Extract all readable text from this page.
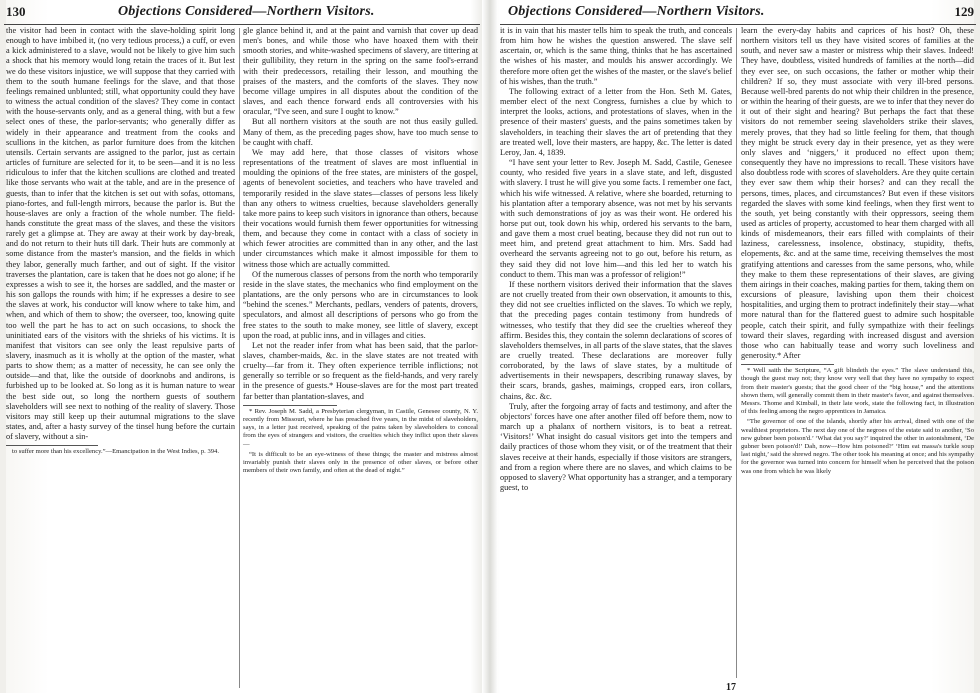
130	Objections Considered—Northern Visitors.

the visitor had been in contact with the slave-holding spirit long enough to have imbibed it, (no very tedious process,) a cuff, or even a kick administered to a slave, would not be likely to give him such a shock that his memory would long retain the traces of it. But lest we do these visitors injustice, we will suppose that they carried with them to the south humane feelings for the slave, and that those feelings remained unblunted; still, what opportunity could they have to witness the actual condition of the slaves? They come in contact with the house-servants only, and as a general thing, with but a few select ones of these, the parlor-servants; who generally differ as widely in their appearance and treatment from the cooks and scullions in the kitchen, as parlor furniture does from the kitchen utensils. Certain servants are assigned to the parlor, just as certain articles of furniture are selected for it, to be seen—and it is no less ridiculous to infer that the kitchen scullions are clothed and treated like those servants who wait at the table, and are in the presence of guests, than to infer that the kitchen is set out with sofas, ottomans, piano-fortes, and full-length mirrors, because the parlor is. But the house-slaves are only a fraction of the whole number. The field-hands constitute the great mass of the slaves, and these the visitors rarely get a glimpse at. They are away at their work by day-break, and do not return to their huts till dark. Their huts are commonly at some distance from the master's mansion, and the fields in which they labor, generally much farther, and out of sight. If the visitor traverses the plantation, care is taken that he does not go alone; if he expresses a wish to see it, the horses are saddled, and the master or his son gallops the rounds with him; if he expresses a desire to see the slaves at work, his conductor will know where to take him, and when, and which of them to show; the overseer, too, knowing quite too well the part he has to act on such occasions, to shock the uninitiated ears of the visitors with the shrieks of his victims. It is manifest that visitors can see only the least repulsive parts of slavery, inasmuch as it is wholly at the option of the master, what parts to show them; as a matter of necessity, he can see only the outside—and that, like the outside of doorknobs and andirons, is furbished up to be looked at. So long as it is human nature to wear the best side out, so long the northern guests of southern slaveholders will see next to nothing of the reality of slavery. Those visitors may still keep up their autumnal migrations to the slave states, and, after a hasty survey of the tinsel hung before the curtain of slavery, without a sin-

to suffer more than his excellency.”—Emancipation in the West Indies, p. 394.

gle glance behind it, and at the paint and varnish that cover up dead men's bones, and while those who have hoaxed them with their smooth stories, and white-washed specimens of slavery, are tittering at their gullibility, they return in the spring on the same fool's-errand with their predecessors, retailing their lesson, and mouthing the praises of the masters, and the comforts of the slaves. They now become village umpires in all disputes about the condition of the slaves, and each thence forward ends all controversies with his oracular, “I've seen, and sure I ought to know.”

But all northern visitors at the south are not thus easily gulled. Many of them, as the preceding pages show, have too much sense to be caught with chaff.

We may add here, that those classes of visitors whose representations of the treatment of slaves are most influential in moulding the opinions of the free states, are ministers of the gospel, agents of benevolent societies, and teachers who have traveled and temporarily resided in the slave states—classes of persons less likely than any others to witness cruelties, because slaveholders generally take more pains to keep such visitors in ignorance than others, because their vocations would furnish them fewer opportunities for witnessing them, and because they come in contact with a class of society in which fewer atrocities are committed than in any other, and the last under circumstances which make it almost impossible for them to witness those which are actually committed.

Of the numerous classes of persons from the north who temporarily reside in the slave states, the mechanics who find employment on the plantations, are the only persons who are in circumstances to look “behind the scenes.” Merchants, pedlars, venders of patents, drovers, speculators, and almost all descriptions of persons who go from the free states to the south to make money, see little of slavery, except upon the road, at public inns, and in villages and cities.

Let not the reader infer from what has been said, that the parlor-slaves, chamber-maids, &c. in the slave states are not treated with cruelty—far from it. They often experience terrible inflictions; not generally so terrible or so frequent as the field-hands, and very rarely in the presence of guests.* House-slaves are for the most part treated far better than plantation-slaves, and

* Rev. Joseph M. Sadd, a Presbyterian clergyman, in Castile, Genesee county, N. Y. recently from Missouri, where he has preached five years, in the midst of slaveholders, says, in a letter just received, speaking of the pains taken by slaveholders to conceal from the eyes of strangers and visitors, the cruelties which they inflict upon their slaves—

“It is difficult to be an eye-witness of these things; the master and mistress almost invariably punish their slaves only in the presence of other slaves, or before other members of their own family, and often at the dead of night.”

Objections Considered—Northern Visitors.	129

it is in vain that his master tells him to speak the truth, and conceals from him how he wishes the question answered. The slave self ascertain, or, which is the same thing, thinks that he has ascertained the wishes of his master, and moulds his answer accordingly. We therefore more often get the wishes of the master, or the slave's belief of his wishes, than the truth.”

The following extract of a letter from the Hon. Seth M. Gates, member elect of the next Congress, furnishes a clue by which to interpret the looks, actions, and protestations of slaves, when in the presence of their masters' guests, and the pains sometimes taken by slaveholders, in teaching their slaves the art of pretending that they are treated well, love their masters, are happy, &c. The letter is dated Leroy, Jan. 4, 1839.

“I have sent your letter to Rev. Joseph M. Sadd, Castile, Genesee county, who resided five years in a slave state, and left, disgusted with slavery. I trust he will give you some facts. I remember one fact, which his wife witnessed. A relative, where she boarded, returning to his plantation after a temporary absence, was not met by his servants with such demonstrations of joy as was their wont. He ordered his horse put out, took down his whip, ordered his servants to the barn, and gave them a most cruel beating, because they did not run out to meet him, and pretend great attachment to him. Mrs. Sadd had overheard the servants agreeing not to go out, before his return, as they said they did not love him—and this led her to watch his conduct to them. This man was a professor of religion!”

If these northern visitors derived their information that the slaves are not cruelly treated from their own observation, it amounts to this, they did not see cruelties inflicted on the slaves. To which we reply, that the preceding pages contain testimony from hundreds of witnesses, who testify that they did see the cruelties whereof they affirm. Besides this, they contain the solemn declarations of scores of slaveholders themselves, in all parts of the slave states, that the slaves are cruelly treated. These declarations are moreover fully corroborated, by the laws of slave states, by a multitude of advertisements in their newspapers, describing runaway slaves, by their scars, brands, gashes, maimings, cropped ears, iron collars, chains, &c. &c.

Truly, after the forgoing array of facts and testimony, and after the objectors' forces have one after another filed off before them, now to march up a phalanx of northern visitors, is to beat a retreat. ‘Visitors!’ What insight do casual visitors get into the tempers and daily practices of those whom they visit, or of the treatment that their slaves receive at their hands, especially if those visitors are strangers, and from a region where there are no slaves, and which claims to be opposed to slavery? What opportunity has a stranger, and a temporary guest, to

learn the every-day habits and caprices of his host? Oh, these northern visitors tell us they have visited scores of families at the south, and never saw a master or mistress whip their slaves. Indeed! They have, doubtless, visited hundreds of families at the north—did they ever see, on such occasions, the father or mother whip their children? If so, they must associate with very ill-bred persons. Because well-bred parents do not whip their children in the presence, or within the hearing of their guests, are we to infer that they never do it out of their sight and hearing? But perhaps the fact that these visitors do not remember seeing slaveholders strike their slaves, merely proves, that they had so little feeling for them, that though they might be struck every day in their presence, yet as they were only slaves and ‘niggers,’ it produced no effect upon them; consequently they have no impressions to recall. These visitors have also doubtless rode with scores of slaveholders. Are they quite certain they ever saw them whip their horses? and can they recall the persons, times, places, and circumstances? But even if these visitors regarded the slaves with some kind feelings, when they first went to the south, yet being constantly with their oppressors, seeing them used as articles of property, accustomed to hear them charged with all kinds of misdemeanors, their ears filled with complaints of their laziness, carelessness, insolence, obstinacy, stupidity, thefts, elopements, &c. and at the same time, receiving themselves the most gratifying attentions and caresses from the same persons, who, while they make to them these representations of their slaves, are giving them airings in their coaches, making parties for them, taking them on excursions of pleasure, lavishing upon them their choicest hospitalities, and urging them to protract indefinitely their stay—what more natural than for the flattered guest to admire such hospitable people, catch their spirit, and fully sympathize with their feelings toward their slaves, regarding with increased disgust and aversion those who can habitually tease and worry such loveliness and generosity.* After

* Well saith the Scripture, “A gift blindeth the eyes.” The slave understand this, though the guest may not; they know very well that they have no sympathy to expect from their master's guests; that the good cheer of the “big house,” and the attentions shown them, will generally commit them in their master's favor, and against themselves. Messrs. Thome and Kimball, in their late work, state the following fact, in illustration of this feeling among the negro apprentices in Jamaica.

“The governor of one of the islands, shortly after his arrival, dined with one of the wealthiest proprietors. The next day one of the negroes of the estate said to another, ‘So new gubner been poison'd.’ ‘What dat you say?’ inquired the other in astonishment, ‘De gubner been poison'd!’ Dah, now—How him poisoned?’ ‘Him eat massa's turkle soup last night,’ said the shrewd negro. The other took his meaning at once; and his sympathy for the governor was turned into concern for himself when he perceived that the poison was one from which he was likely

17
